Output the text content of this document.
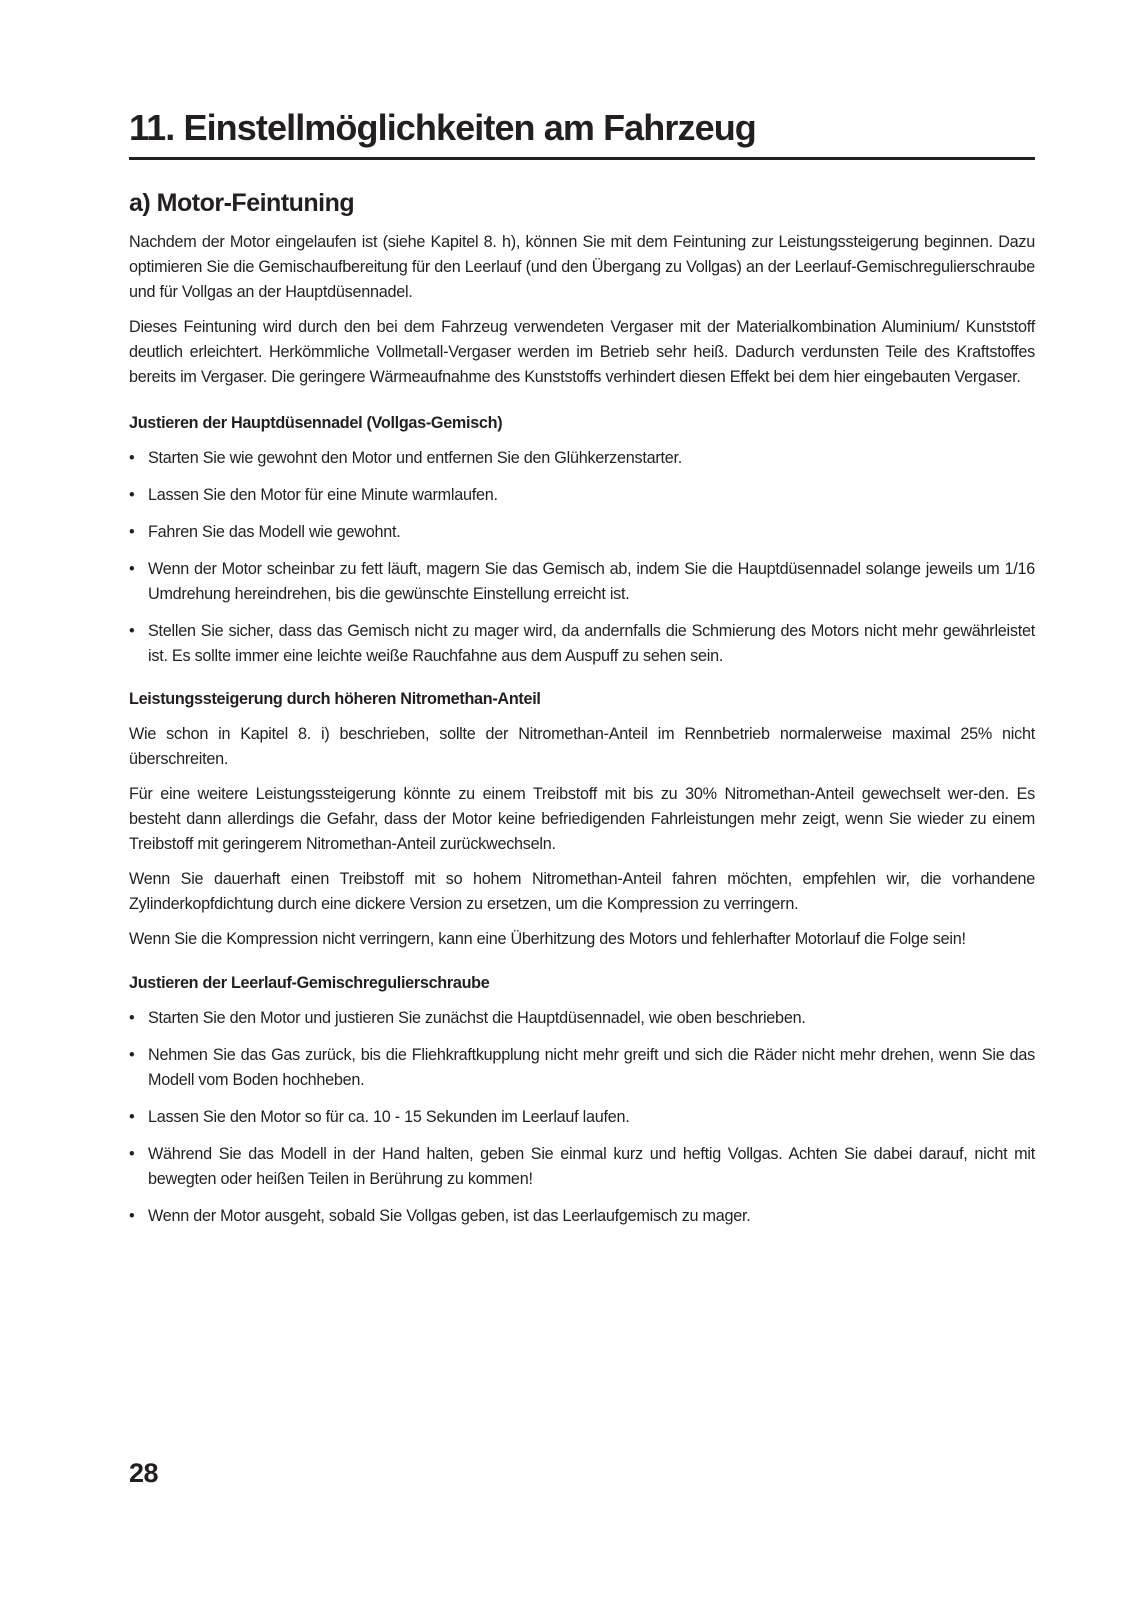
11. Einstellmöglichkeiten am Fahrzeug
a) Motor-Feintuning

Nachdem der Motor eingelaufen ist (siehe Kapitel 8. h), können Sie mit dem Feintuning zur Leistungssteigerung beginnen. Dazu optimieren Sie die Gemischaufbereitung für den Leerlauf (und den Übergang zu Vollgas) an der Leerlauf-Gemischregulierschraube und für Vollgas an der Hauptdüsennadel.

Dieses Feintuning wird durch den bei dem Fahrzeug verwendeten Vergaser mit der Materialkombination Aluminium/ Kunststoff deutlich erleichtert. Herkömmliche Vollmetall-Vergaser werden im Betrieb sehr heiß. Dadurch verdunsten Teile des Kraftstoffes bereits im Vergaser. Die geringere Wärmeaufnahme des Kunststoffs verhindert diesen Effekt bei dem hier eingebauten Vergaser.

Justieren der Hauptdüsennadel (Vollgas-Gemisch)
• Starten Sie wie gewohnt den Motor und entfernen Sie den Glühkerzenstarter.
• Lassen Sie den Motor für eine Minute warmlaufen.
• Fahren Sie das Modell wie gewohnt.
• Wenn der Motor scheinbar zu fett läuft, magern Sie das Gemisch ab, indem Sie die Hauptdüsennadel solange jeweils um 1/16 Umdrehung hereindrehen, bis die gewünschte Einstellung erreicht ist.
• Stellen Sie sicher, dass das Gemisch nicht zu mager wird, da andernfalls die Schmierung des Motors nicht mehr gewährleistet ist. Es sollte immer eine leichte weiße Rauchfahne aus dem Auspuff zu sehen sein.
Leistungssteigerung durch höheren Nitromethan-Anteil

Wie schon in Kapitel 8. i) beschrieben, sollte der Nitromethan-Anteil im Rennbetrieb normalerweise maximal 25% nicht überschreiten.

Für eine weitere Leistungssteigerung könnte zu einem Treibstoff mit bis zu 30% Nitromethan-Anteil gewechselt wer-den. Es besteht dann allerdings die Gefahr, dass der Motor keine befriedigenden Fahrleistungen mehr zeigt, wenn Sie wieder zu einem Treibstoff mit geringerem Nitromethan-Anteil zurückwechseln.

Wenn Sie dauerhaft einen Treibstoff mit so hohem Nitromethan-Anteil fahren möchten, empfehlen wir, die vorhandene Zylinderkopfdichtung durch eine dickere Version zu ersetzen, um die Kompression zu verringern.

Wenn Sie die Kompression nicht verringern, kann eine Überhitzung des Motors und fehlerhafter Motorlauf die Folge sein!

Justieren der Leerlauf-Gemischregulierschraube
• Starten Sie den Motor und justieren Sie zunächst die Hauptdüsennadel, wie oben beschrieben.
• Nehmen Sie das Gas zurück, bis die Fliehkraftkupplung nicht mehr greift und sich die Räder nicht mehr drehen, wenn Sie das Modell vom Boden hochheben.
• Lassen Sie den Motor so für ca. 10 - 15 Sekunden im Leerlauf laufen.
• Während Sie das Modell in der Hand halten, geben Sie einmal kurz und heftig Vollgas. Achten Sie dabei darauf, nicht mit bewegten oder heißen Teilen in Berührung zu kommen!
• Wenn der Motor ausgeht, sobald Sie Vollgas geben, ist das Leerlaufgemisch zu mager.
28
